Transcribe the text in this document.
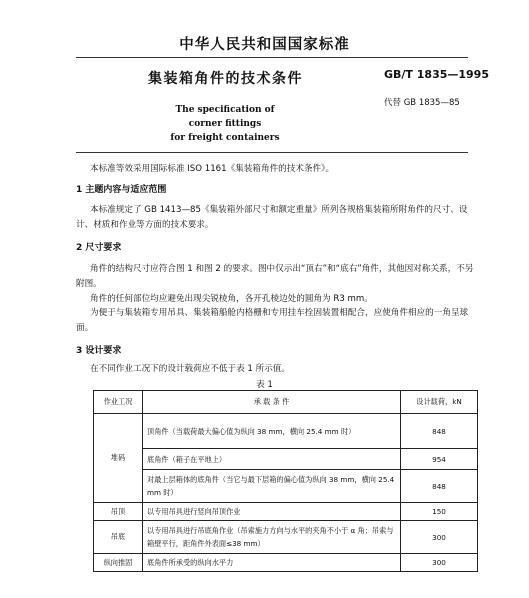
中华人民共和国国家标准
集装箱角件的技术条件	GB/T 1835—1995
The specification of corner fittings
for freight containers
代替 GB 1835—85
本标准等效采用国际标准 ISO 1161《集装箱角件的技术条件》。
1 主题内容与适应范围
本标准规定了 GB 1413—85《集装箱外部尺寸和额定重量》所列各规格集装箱所附角件的尺寸、设计、材质和作业等方面的技术要求。
2 尺寸要求
角件的结构尺寸应符合图 1 和图 2 的要求。图中仅示出“顶右”和“底右”角件，其他因对称关系，不另附图。
角件的任何部位均应避免出现尖锐棱角，各开孔棱边处的圆角为 R3 mm。
为便于与集装箱专用吊具、集装箱船舱内格栅和专用挂车拴固装置相配合，应使角件相应的一角呈球面。
3 设计要求
在不同作业工况下的设计载荷应不低于表 1 所示值。
表 1
作业工况	承 载 条 件	设计载荷，kN
堆码	顶角件（当载荷最大偏心值为纵向 38 mm，横向 25.4 mm 时）	848
	底角件（箱子在平地上）	954
	对最上层箱体的底角件（当它与最下层箱的偏心值为纵向 38 mm，横向 25.4 mm 时）	848
吊顶	以专用吊具进行竖向吊顶作业	150
吊底	以专用吊具进行吊底角作业（吊索施力方向与水平的夹角不小于 α 角；吊索与箱壁平行，距角件外表面≤38 mm）	300
纵向推固	底角件所承受的纵向水平力	300
